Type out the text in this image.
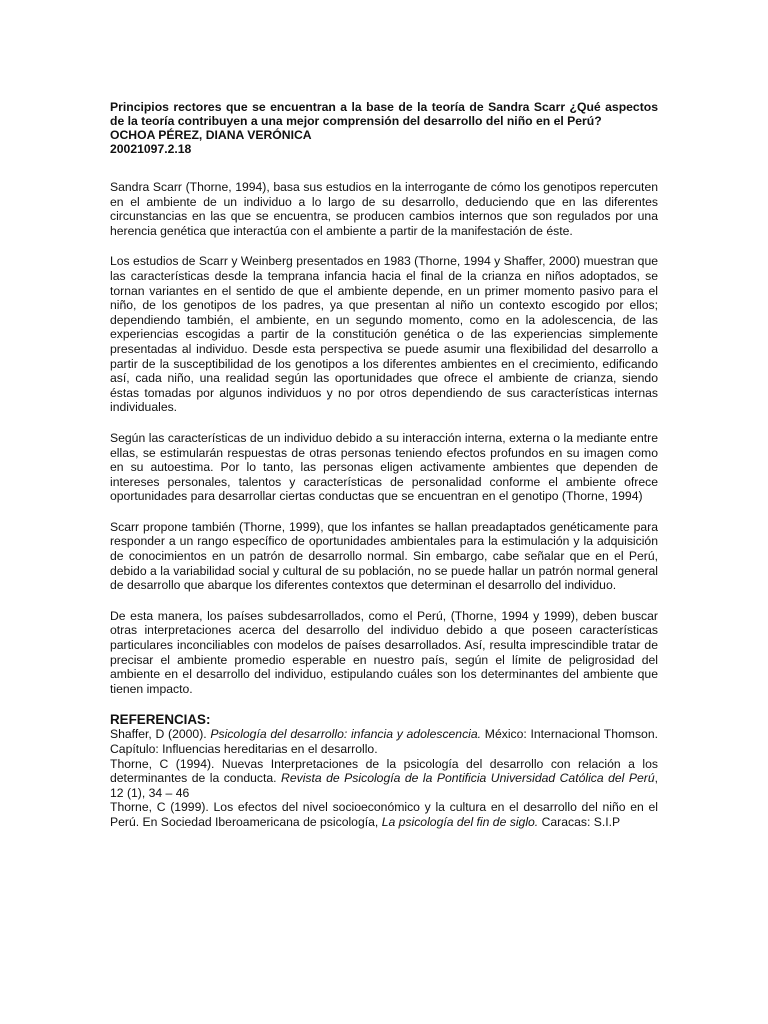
Principios rectores que se encuentran a la base de la teoría de Sandra Scarr ¿Qué aspectos de la teoría contribuyen a una mejor comprensión del desarrollo del niño en el Perú?
OCHOA PÉREZ, DIANA VERÓNICA
20021097.2.18

Sandra Scarr (Thorne, 1994), basa sus estudios en la interrogante de cómo los genotipos repercuten en el ambiente de un individuo a lo largo de su desarrollo, deduciendo que en las diferentes circunstancias en las que se encuentra, se producen cambios internos que son regulados por una herencia genética que interactúa con el ambiente a partir de la manifestación de éste.

Los estudios de Scarr y Weinberg presentados en 1983 (Thorne, 1994 y Shaffer, 2000) muestran que las características desde la temprana infancia hacia el final de la crianza en niños adoptados, se tornan variantes en el sentido de que el ambiente depende, en un primer momento pasivo para el niño, de los genotipos de los padres, ya que presentan al niño un contexto escogido por ellos; dependiendo también, el ambiente, en un segundo momento, como en la adolescencia, de las experiencias escogidas a partir de la constitución genética o de las experiencias simplemente presentadas al individuo. Desde esta perspectiva se puede asumir una flexibilidad del desarrollo a partir de la susceptibilidad de los genotipos a los diferentes ambientes en el crecimiento, edificando así, cada niño, una realidad según las oportunidades que ofrece el ambiente de crianza, siendo éstas tomadas por algunos individuos y no por otros dependiendo de sus características internas individuales.

Según las características de un individuo debido a su interacción interna, externa o la mediante entre ellas, se estimularán respuestas de otras personas teniendo efectos profundos en su imagen como en su autoestima. Por lo tanto, las personas eligen activamente ambientes que dependen de intereses personales, talentos y características de personalidad conforme el ambiente ofrece oportunidades para desarrollar ciertas conductas que se encuentran en el genotipo (Thorne, 1994)

Scarr propone también (Thorne, 1999), que los infantes se hallan preadaptados genéticamente para responder a un rango específico de oportunidades ambientales para la estimulación y la adquisición de conocimientos en un patrón de desarrollo normal. Sin embargo, cabe señalar que en el Perú, debido a la variabilidad social y cultural de su población, no se puede hallar un patrón normal general de desarrollo que abarque los diferentes contextos que determinan el desarrollo del individuo.

De esta manera, los países subdesarrollados, como el Perú, (Thorne, 1994 y 1999), deben buscar otras interpretaciones acerca del desarrollo del individuo debido a que poseen características particulares inconciliables con modelos de países desarrollados. Así, resulta imprescindible tratar de precisar el ambiente promedio esperable en nuestro país, según el límite de peligrosidad del ambiente en el desarrollo del individuo, estipulando cuáles son los determinantes del ambiente que tienen impacto.

REFERENCIAS:

Shaffer, D (2000). Psicología del desarrollo: infancia y adolescencia. México: Internacional Thomson. Capítulo: Influencias hereditarias en el desarrollo.

Thorne, C (1994). Nuevas Interpretaciones de la psicología del desarrollo con relación a los determinantes de la conducta. Revista de Psicología de la Pontificia Universidad Católica del Perú, 12 (1), 34 – 46

Thorne, C (1999). Los efectos del nivel socioeconómico y la cultura en el desarrollo del niño en el Perú. En Sociedad Iberoamericana de psicología, La psicología del fin de siglo. Caracas: S.I.P
